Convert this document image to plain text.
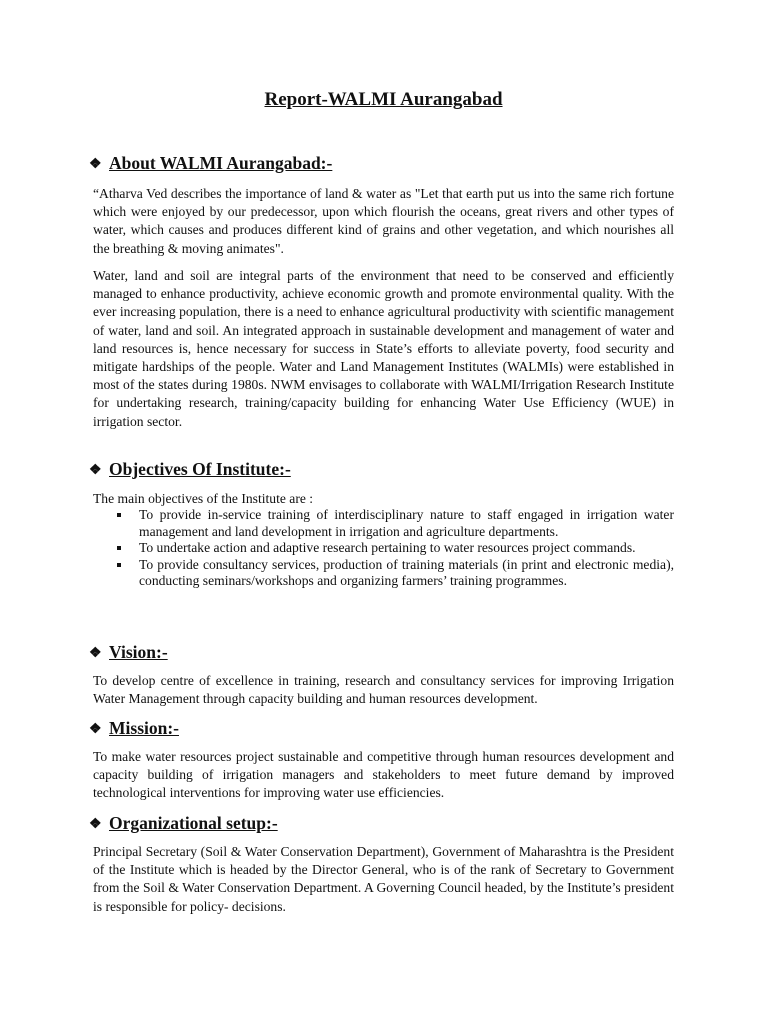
Report-WALMI Aurangabad
❖ About WALMI Aurangabad:-

“Atharva Ved describes the importance of land & water as "Let that earth put us into the same rich fortune which were enjoyed by our predecessor, upon which flourish the oceans, great rivers and other types of water, which causes and produces different kind of grains and other vegetation, and which nourishes all the breathing & moving animates".

Water, land and soil are integral parts of the environment that need to be conserved and efficiently managed to enhance productivity, achieve economic growth and promote environmental quality. With the ever increasing population, there is a need to enhance agricultural productivity with scientific management of water, land and soil. An integrated approach in sustainable development and management of water and land resources is, hence necessary for success in State’s efforts to alleviate poverty, food security and mitigate hardships of the people. Water and Land Management Institutes (WALMIs) were established in most of the states during 1980s. NWM envisages to collaborate with WALMI/Irrigation Research Institute for undertaking research, training/capacity building for enhancing Water Use Efficiency (WUE) in irrigation sector.

❖ Objectives Of Institute:-

The main objectives of the Institute are :

To provide in-service training of interdisciplinary nature to staff engaged in irrigation water management and land development in irrigation and agriculture departments.
To undertake action and adaptive research pertaining to water resources project commands.
To provide consultancy services, production of training materials (in print and electronic media), conducting seminars/workshops and organizing farmers’ training programmes.
❖ Vision:-

To develop centre of excellence in training, research and consultancy services for improving Irrigation Water Management through capacity building and human resources development.

❖ Mission:-

To make water resources project sustainable and competitive through human resources development and capacity building of irrigation managers and stakeholders to meet future demand by improved technological interventions for improving water use efficiencies.

❖ Organizational setup:-

Principal Secretary (Soil & Water Conservation Department), Government of Maharashtra is the President of the Institute which is headed by the Director General, who is of the rank of Secretary to Government from the Soil & Water Conservation Department. A Governing Council headed, by the Institute’s president is responsible for policy- decisions.
